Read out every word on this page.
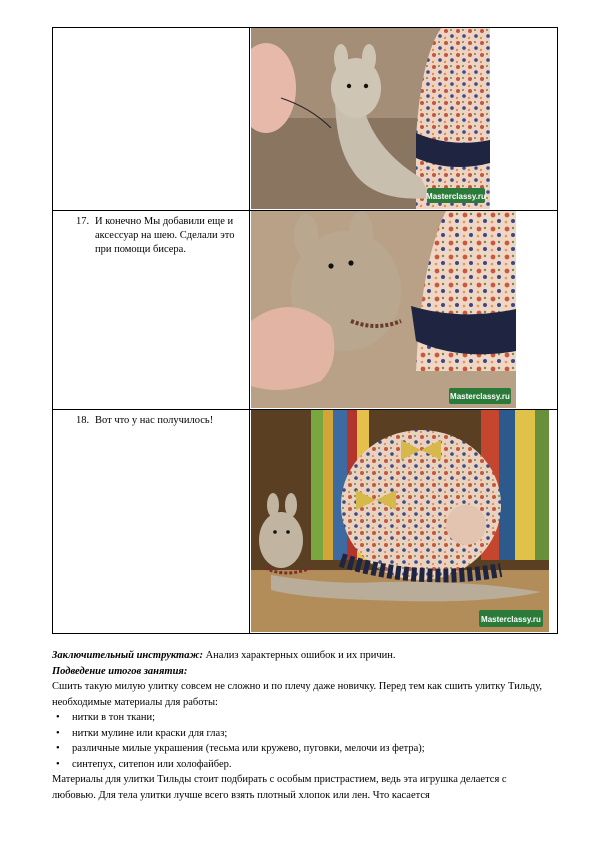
Masterclassy.ru

17. И конечно Мы добавили еще и аксессуар на шею. Сделали это при помощи бисера.	Masterclassy.ru

18. Вот что у нас получилось!	Masterclassy.ru

Заключительный инструктаж: Анализ характерных ошибок и их причин.

Подведение итогов занятия:

Сшить такую милую улитку совсем не сложно и по плечу даже новичку. Перед тем как сшить улитку Тильду, необходимые материалы для работы:

• нитки в тон ткани;
• нитки мулине или краски для глаз;
• различные милые украшения (тесьма или кружево, пуговки, мелочи из фетра);
• синтепух, ситепон или холофайбер.

Материалы для улитки Тильды стоит подбирать с особым пристрастием, ведь эта игрушка делается с любовью. Для тела улитки лучше всего взять плотный хлопок или лен. Что касается
